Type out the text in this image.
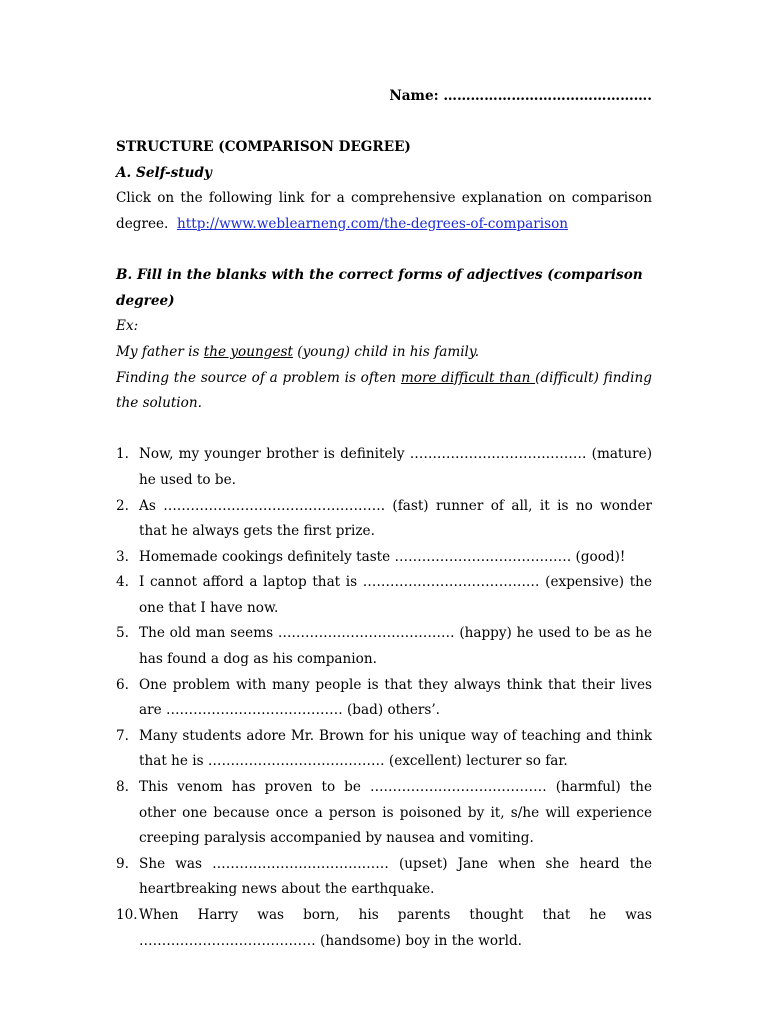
Name: ……………………………………….
STRUCTURE (COMPARISON DEGREE)
A. Self-study
Click on the following link for a comprehensive explanation on comparison degree. http://www.weblearneng.com/the-degrees-of-comparison
B. Fill in the blanks with the correct forms of adjectives (comparison degree)
Ex:
My father is the youngest (young) child in his family.
Finding the source of a problem is often more difficult than (difficult) finding the solution.
1. Now, my younger brother is definitely ………………………………… (mature) he used to be.
2. As …………………………………………. (fast) runner of all, it is no wonder that he always gets the first prize.
3. Homemade cookings definitely taste ………………………………… (good)!
4. I cannot afford a laptop that is ………………………………… (expensive) the one that I have now.
5. The old man seems ………………………………… (happy) he used to be as he has found a dog as his companion.
6. One problem with many people is that they always think that their lives are ………………………………… (bad) others’.
7. Many students adore Mr. Brown for his unique way of teaching and think that he is ………………………………… (excellent) lecturer so far.
8. This venom has proven to be ………………………………… (harmful) the other one because once a person is poisoned by it, s/he will experience creeping paralysis accompanied by nausea and vomiting.
9. She was ………………………………… (upset) Jane when she heard the heartbreaking news about the earthquake.
10. When Harry was born, his parents thought that he was ………………………………… (handsome) boy in the world.
